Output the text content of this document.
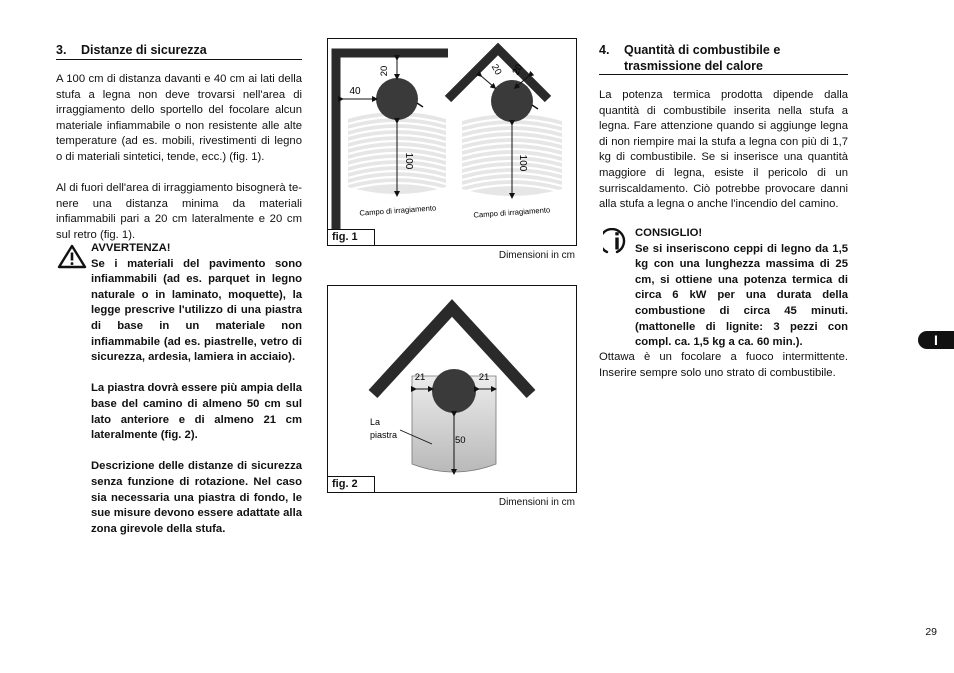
3. Distanze di sicurezza

A 100 cm di distanza davanti e 40 cm ai lati della stufa a legna non deve trovarsi nell'area di irraggiamento dello sportello del focolare alcun materiale infiammabile o non resistente alle alte temperature (ad es. mobili, rivestimenti di legno o di materiali sintetici, tende, ecc.) (fig. 1).

Al di fuori dell'area di irraggiamento bisognerà tenere una distanza minima da materiali infiammabili pari a 20 cm lateralmente e 20 cm sul retro (fig. 1).

AVVERTENZA!

Se i materiali del pavimento sono infiammabili (ad es. parquet in legno naturale o in laminato, moquette), la legge prescrive l'utilizzo di una piastra di base in un materiale non infiammabile (ad es. piastrelle, vetro di sicurezza, ardesia, lamiera in acciaio).

La piastra dovrà essere più ampia della base del camino di almeno 50 cm sul lato anteriore e di almeno 21 cm lateralmente (fig. 2).

Descrizione delle distanze di sicurezza senza funzione di rotazione. Nel caso sia necessaria una piastra di fondo, le sue misure devono essere adattate alla zona girevole della stufa.

20
40
100
Campo di irragiamento
20 20
100
Campo di irragiamento
fig. 1
Dimensioni in cm
21	21
50
La
piastra
fig. 2
Dimensioni in cm
4. Quantità di combustibile e
trasmissione del calore

La potenza termica prodotta dipende dalla quantità di combustibile inserita nella stufa a legna. Fare attenzione quando si aggiunge legna di non riempire mai la stufa a legna con più di 1,7 kg di combustibile. Se si inserisce una quantità maggiore di legna, esiste il pericolo di un surriscaldamento. Ciò potrebbe provocare danni alla stufa a legna o anche l'incendio del camino.

CONSIGLIO!

Se si inseriscono ceppi di legno da 1,5 kg con una lunghezza massima di 25 cm, si ottiene una potenza termica di circa 6 kW per una durata della combustione di circa 45 minuti.(mattonelle di lignite: 3 pezzi con compl. ca. 1,5 kg a ca. 60 min.).

Ottawa è un focolare a fuoco intermittente. Inserire sempre solo uno strato di combustibile.

I
29
